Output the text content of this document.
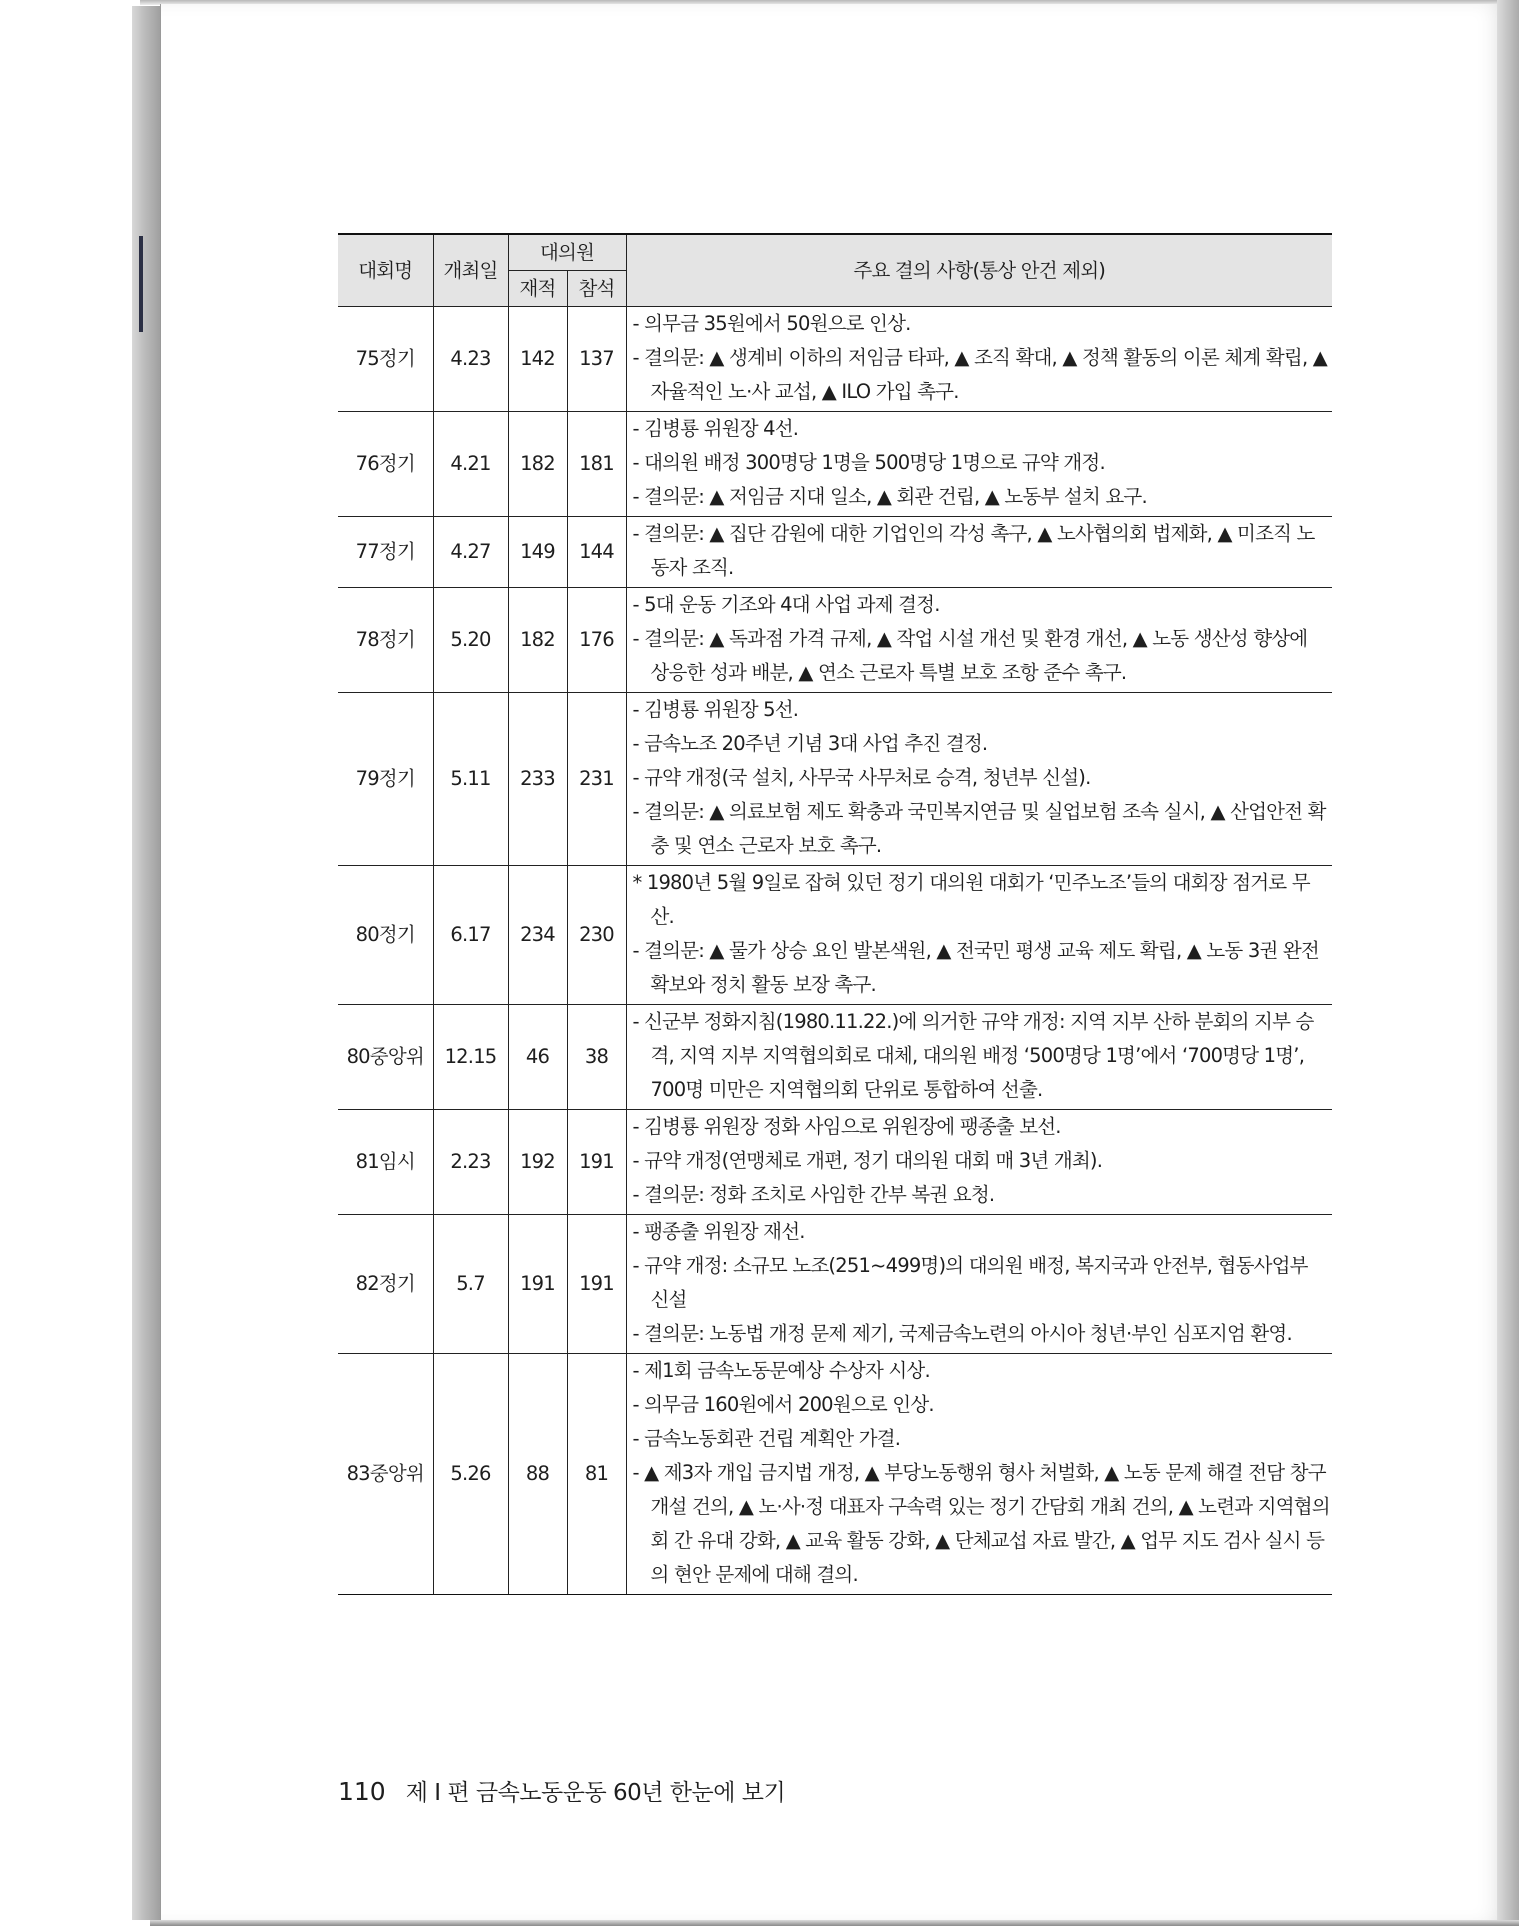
대회명	개최일	대의원		주요 결의 사항(통상 안건 제외)
		재적	참석	
75정기	4.23	142	137	- 의무금 35원에서 50원으로 인상.
- 결의문: ▲ 생계비 이하의 저임금 타파, ▲ 조직 확대, ▲ 정책 활동의 이론 체계 확립, ▲ 자율적인 노·사 교섭, ▲ ILO 가입 촉구.

76정기	4.21	182	181	- 김병룡 위원장 4선.
- 대의원 배정 300명당 1명을 500명당 1명으로 규약 개정.
- 결의문: ▲ 저임금 지대 일소, ▲ 회관 건립, ▲ 노동부 설치 요구.

77정기	4.27	149	144	- 결의문: ▲ 집단 감원에 대한 기업인의 각성 촉구, ▲ 노사협의회 법제화, ▲ 미조직 노동자 조직.

78정기	5.20	182	176	- 5대 운동 기조와 4대 사업 과제 결정.
- 결의문: ▲ 독과점 가격 규제, ▲ 작업 시설 개선 및 환경 개선, ▲ 노동 생산성 향상에 상응한 성과 배분, ▲ 연소 근로자 특별 보호 조항 준수 촉구.

79정기	5.11	233	231	- 김병룡 위원장 5선.
- 금속노조 20주년 기념 3대 사업 추진 결정.
- 규약 개정(국 설치, 사무국 사무처로 승격, 청년부 신설).
- 결의문: ▲ 의료보험 제도 확충과 국민복지연금 및 실업보험 조속 실시, ▲ 산업안전 확충 및 연소 근로자 보호 촉구.

80정기	6.17	234	230	* 1980년 5월 9일로 잡혀 있던 정기 대의원 대회가 ‘민주노조’들의 대회장 점거로 무산.
- 결의문: ▲ 물가 상승 요인 발본색원, ▲ 전국민 평생 교육 제도 확립, ▲ 노동 3권 완전 확보와 정치 활동 보장 촉구.

80중앙위	12.15	46	38	- 신군부 정화지침(1980.11.22.)에 의거한 규약 개정: 지역 지부 산하 분회의 지부 승격, 지역 지부 지역협의회로 대체, 대의원 배정 ‘500명당 1명’에서 ‘700명당 1명’, 700명 미만은 지역협의회 단위로 통합하여 선출.

81임시	2.23	192	191	- 김병룡 위원장 정화 사임으로 위원장에 팽종출 보선.
- 규약 개정(연맹체로 개편, 정기 대의원 대회 매 3년 개최).
- 결의문: 정화 조치로 사임한 간부 복권 요청.

82정기	5.7	191	191	- 팽종출 위원장 재선.
- 규약 개정: 소규모 노조(251~499명)의 대의원 배정, 복지국과 안전부, 협동사업부 신설
- 결의문: 노동법 개정 문제 제기, 국제금속노련의 아시아 청년·부인 심포지엄 환영.

83중앙위	5.26	88	81	- 제1회 금속노동문예상 수상자 시상.
- 의무금 160원에서 200원으로 인상.
- 금속노동회관 건립 계획안 가결.
- ▲ 제3자 개입 금지법 개정, ▲ 부당노동행위 형사 처벌화, ▲ 노동 문제 해결 전담 창구 개설 건의, ▲ 노·사·정 대표자 구속력 있는 정기 간담회 개최 건의, ▲ 노련과 지역협의회 간 유대 강화, ▲ 교육 활동 강화, ▲ 단체교섭 자료 발간, ▲ 업무 지도 검사 실시 등의 현안 문제에 대해 결의.
110 제 I 편 금속노동운동 60년 한눈에 보기
